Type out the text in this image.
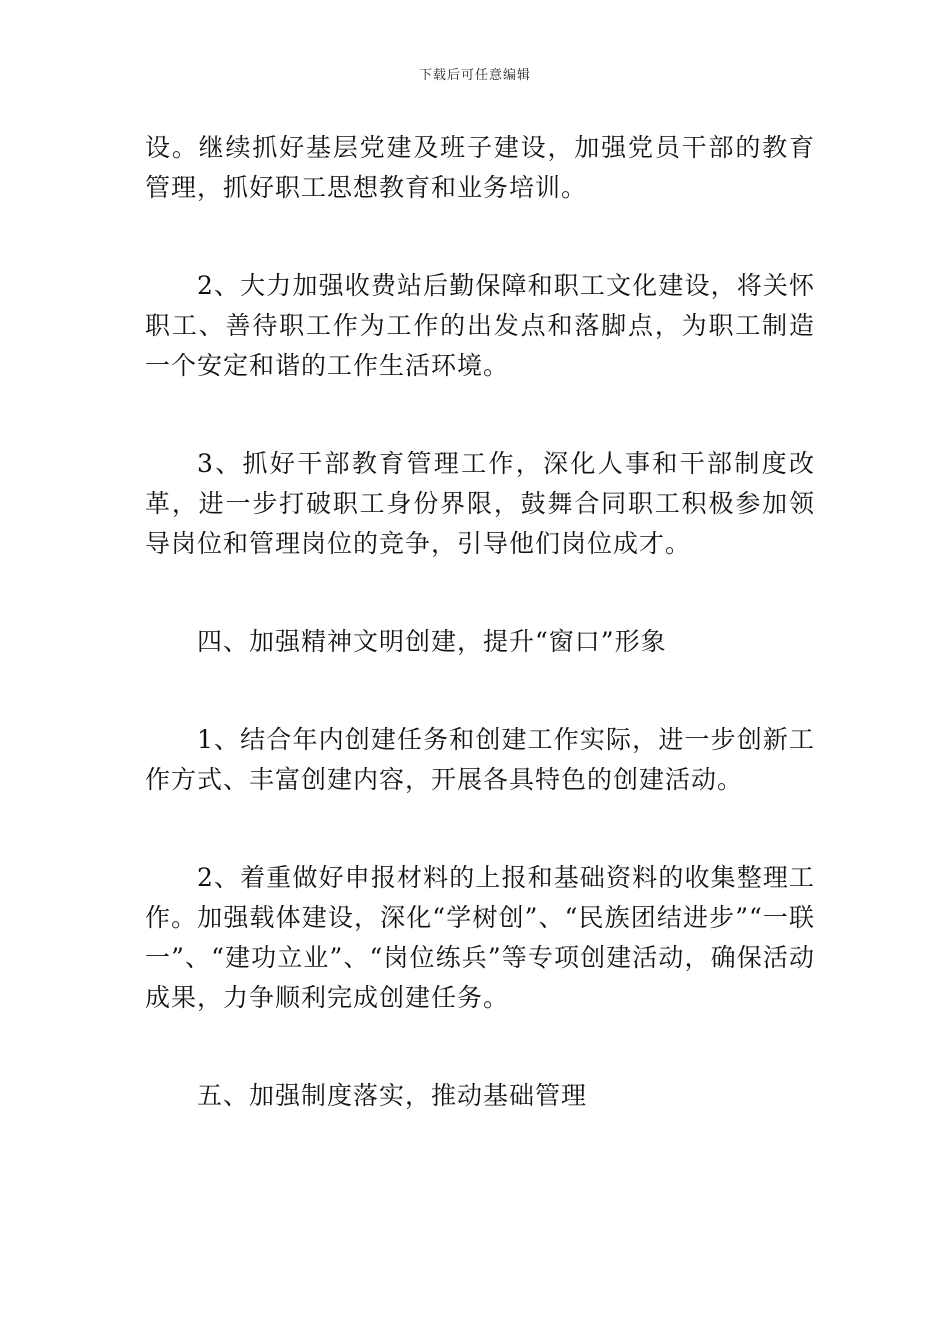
下载后可任意编辑

设。继续抓好基层党建及班子建设，加强党员干部的教育管理，抓好职工思想教育和业务培训。

2、大力加强收费站后勤保障和职工文化建设，将关怀职工、善待职工作为工作的出发点和落脚点，为职工制造一个安定和谐的工作生活环境。

3、抓好干部教育管理工作，深化人事和干部制度改革，进一步打破职工身份界限，鼓舞合同职工积极参加领导岗位和管理岗位的竞争，引导他们岗位成才。

四、加强精神文明创建，提升“窗口”形象

1、结合年内创建任务和创建工作实际，进一步创新工作方式、丰富创建内容，开展各具特色的创建活动。

2、着重做好申报材料的上报和基础资料的收集整理工作。加强载体建设，深化“学树创”、“民族团结进步”“一联一”、“建功立业”、“岗位练兵”等专项创建活动，确保活动成果，力争顺利完成创建任务。

五、加强制度落实，推动基础管理
